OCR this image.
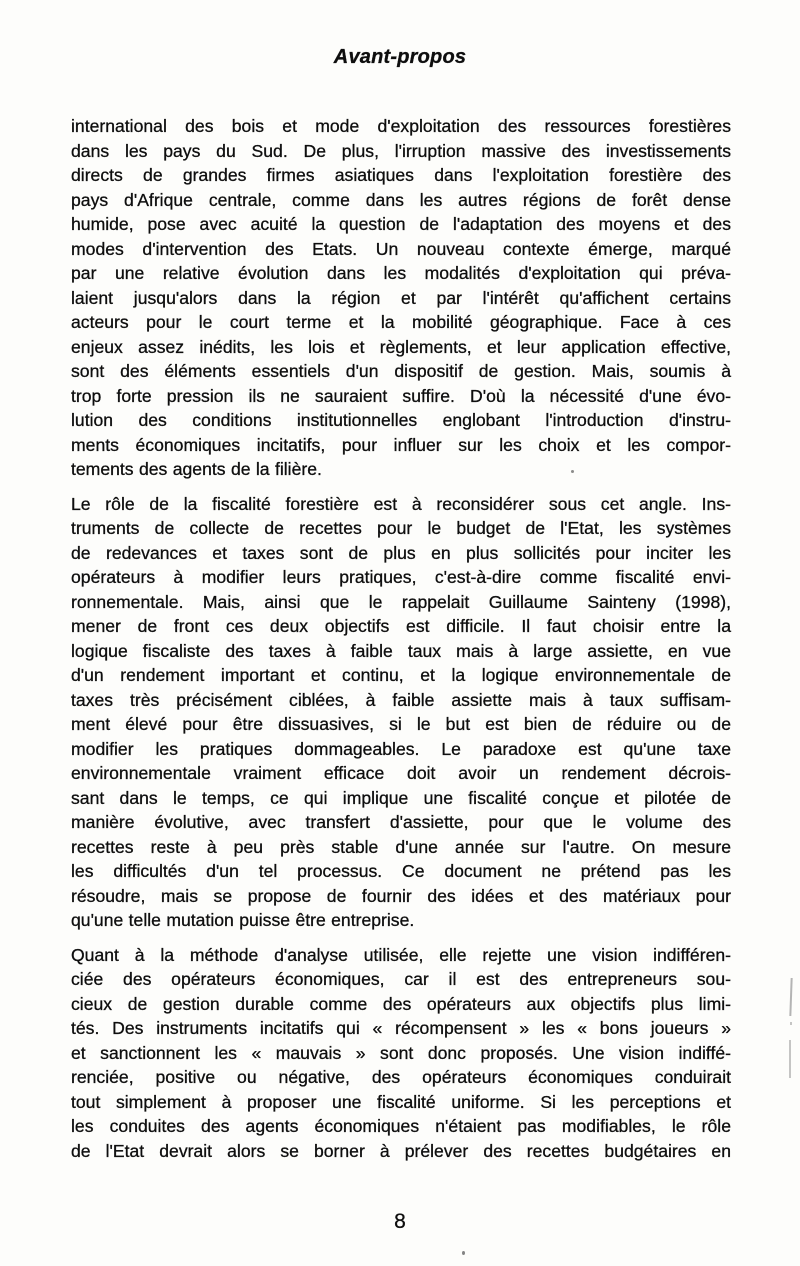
Avant-propos
international des bois et mode d'exploitation des ressources forestières
dans les pays du Sud. De plus, l'irruption massive des investissements
directs de grandes firmes asiatiques dans l'exploitation forestière des
pays d'Afrique centrale, comme dans les autres régions de forêt dense
humide, pose avec acuité la question de l'adaptation des moyens et des
modes d'intervention des Etats. Un nouveau contexte émerge, marqué
par une relative évolution dans les modalités d'exploitation qui préva-
laient jusqu'alors dans la région et par l'intérêt qu'affichent certains
acteurs pour le court terme et la mobilité géographique. Face à ces
enjeux assez inédits, les lois et règlements, et leur application effective,
sont des éléments essentiels d'un dispositif de gestion. Mais, soumis à
trop forte pression ils ne sauraient suffire. D'où la nécessité d'une évo-
lution des conditions institutionnelles englobant l'introduction d'instru-
ments économiques incitatifs, pour influer sur les choix et les compor-
tements des agents de la filière.
Le rôle de la fiscalité forestière est à reconsidérer sous cet angle. Ins-
truments de collecte de recettes pour le budget de l'Etat, les systèmes
de redevances et taxes sont de plus en plus sollicités pour inciter les
opérateurs à modifier leurs pratiques, c'est-à-dire comme fiscalité envi-
ronnementale. Mais, ainsi que le rappelait Guillaume Sainteny (1998),
mener de front ces deux objectifs est difficile. Il faut choisir entre la
logique fiscaliste des taxes à faible taux mais à large assiette, en vue
d'un rendement important et continu, et la logique environnementale de
taxes très précisément ciblées, à faible assiette mais à taux suffisam-
ment élevé pour être dissuasives, si le but est bien de réduire ou de
modifier les pratiques dommageables. Le paradoxe est qu'une taxe
environnementale vraiment efficace doit avoir un rendement décrois-
sant dans le temps, ce qui implique une fiscalité conçue et pilotée de
manière évolutive, avec transfert d'assiette, pour que le volume des
recettes reste à peu près stable d'une année sur l'autre. On mesure
les difficultés d'un tel processus. Ce document ne prétend pas les
résoudre, mais se propose de fournir des idées et des matériaux pour
qu'une telle mutation puisse être entreprise.
Quant à la méthode d'analyse utilisée, elle rejette une vision indifféren-
ciée des opérateurs économiques, car il est des entrepreneurs sou-
cieux de gestion durable comme des opérateurs aux objectifs plus limi-
tés. Des instruments incitatifs qui « récompensent » les « bons joueurs »
et sanctionnent les « mauvais » sont donc proposés. Une vision indiffé-
renciée, positive ou négative, des opérateurs économiques conduirait
tout simplement à proposer une fiscalité uniforme. Si les perceptions et
les conduites des agents économiques n'étaient pas modifiables, le rôle
de l'Etat devrait alors se borner à prélever des recettes budgétaires en
8
